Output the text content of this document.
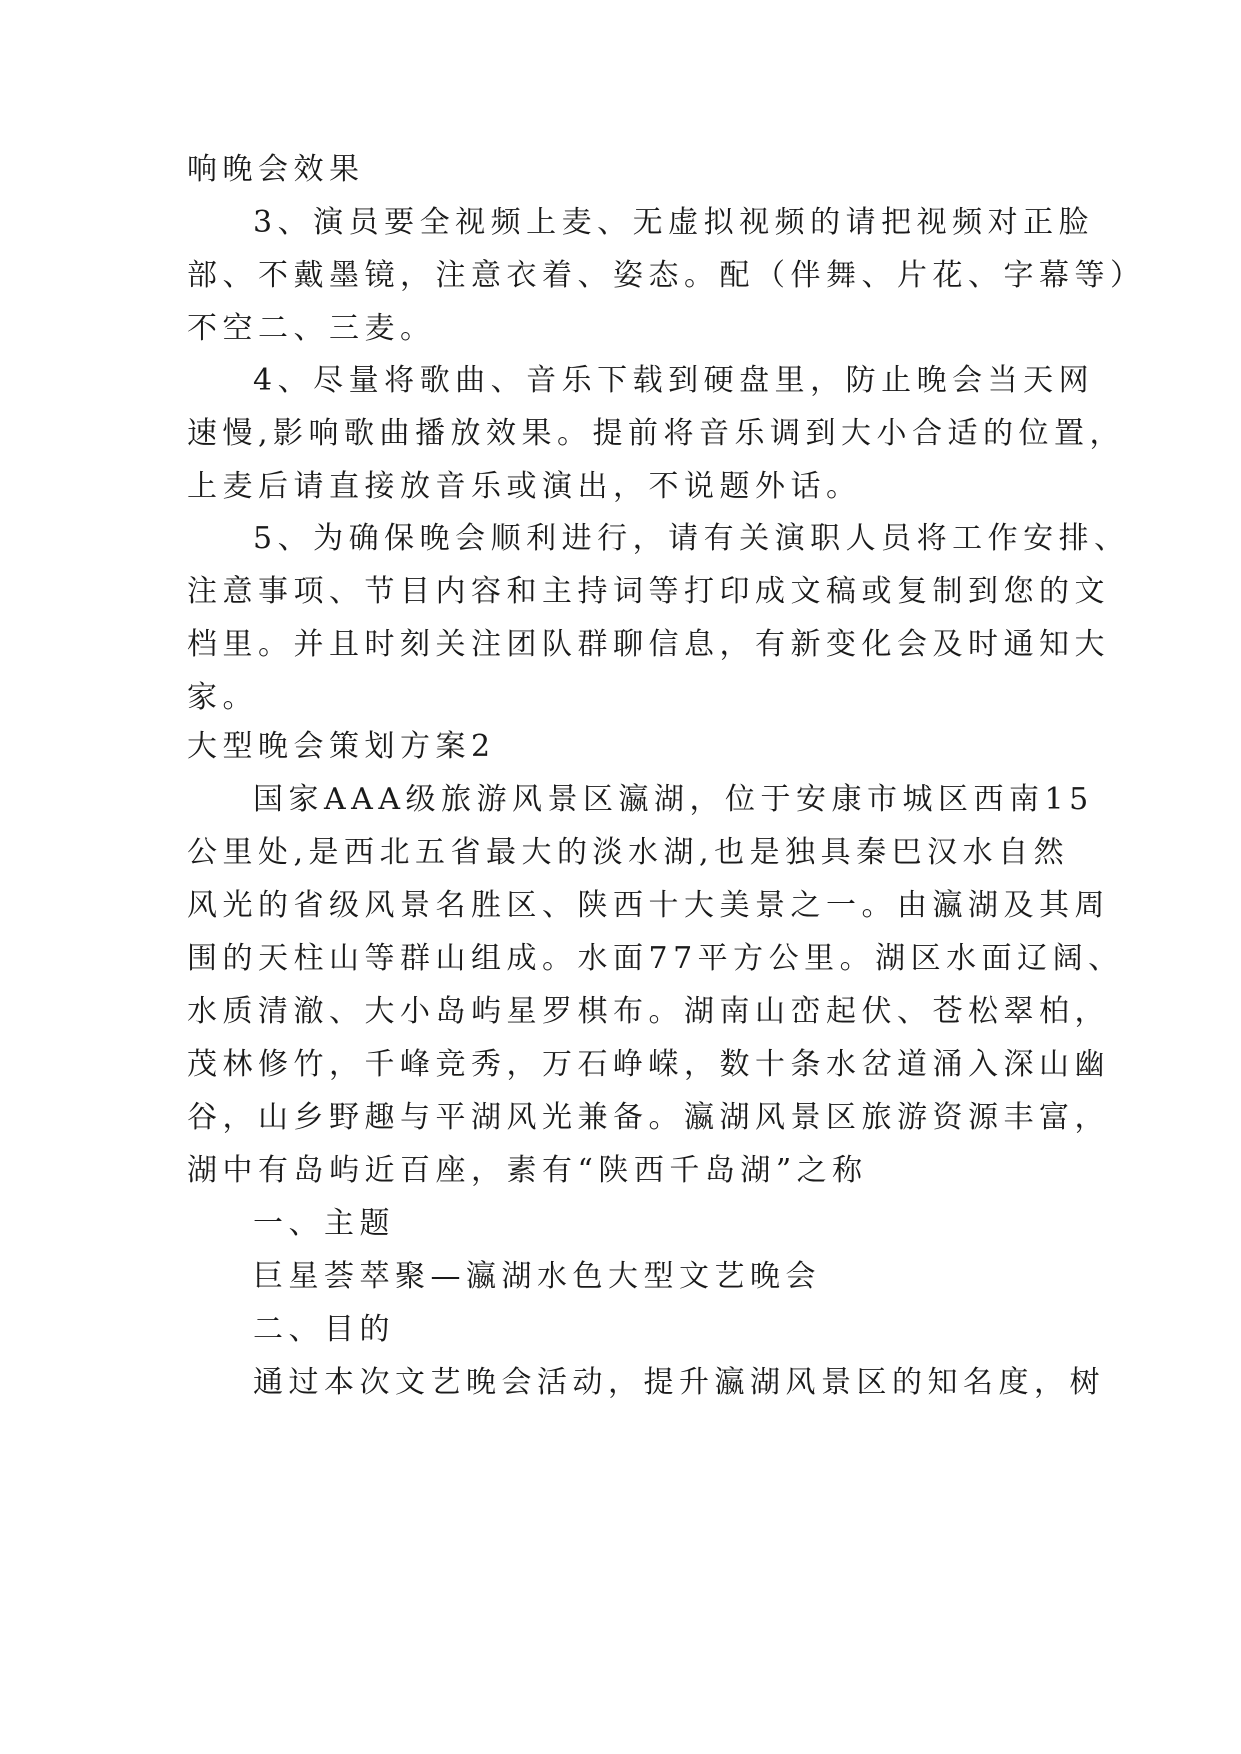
响晚会效果

3、演员要全视频上麦、无虚拟视频的请把视频对正脸

部、不戴墨镜，注意衣着、姿态。配（伴舞、片花、字幕等）

不空二、三麦。

4、尽量将歌曲、音乐下载到硬盘里，防止晚会当天网

速慢,影响歌曲播放效果。提前将音乐调到大小合适的位置，

上麦后请直接放音乐或演出，不说题外话。

5、为确保晚会顺利进行，请有关演职人员将工作安排、

注意事项、节目内容和主持词等打印成文稿或复制到您的文

档里。并且时刻关注团队群聊信息，有新变化会及时通知大

家。

大型晚会策划方案2

国家AAA级旅游风景区瀛湖，位于安康市城区西南15

公里处,是西北五省最大的淡水湖,也是独具秦巴汉水自然

风光的省级风景名胜区、陕西十大美景之一。由瀛湖及其周

围的天柱山等群山组成。水面77平方公里。湖区水面辽阔、

水质清澈、大小岛屿星罗棋布。湖南山峦起伏、苍松翠柏，

茂林修竹，千峰竞秀，万石峥嵘，数十条水岔道涌入深山幽

谷，山乡野趣与平湖风光兼备。瀛湖风景区旅游资源丰富，

湖中有岛屿近百座，素有“陕西千岛湖”之称

一、主题

巨星荟萃聚—瀛湖水色大型文艺晚会

二、目的

通过本次文艺晚会活动，提升瀛湖风景区的知名度，树
